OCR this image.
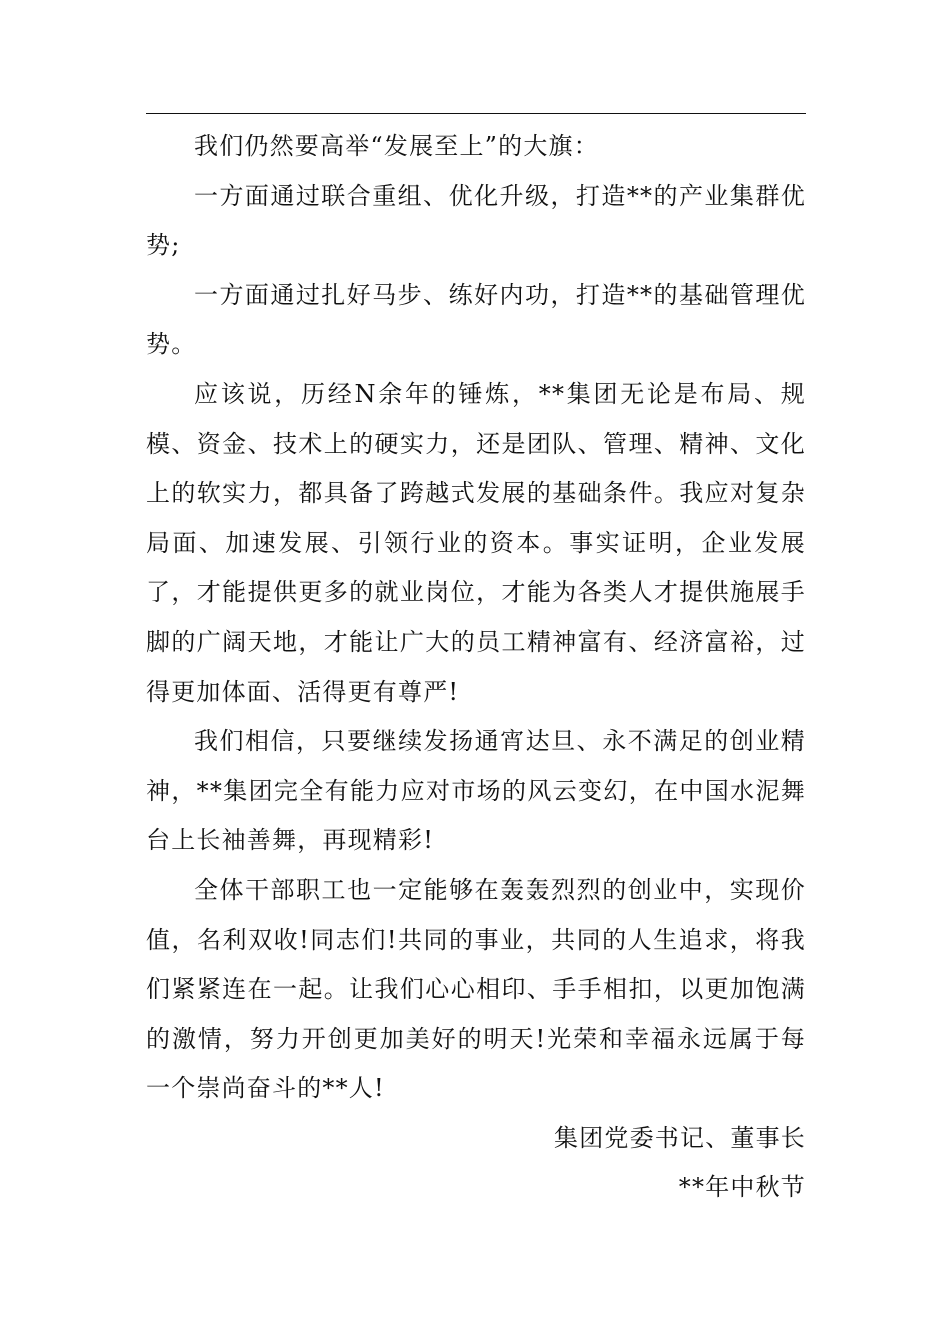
我们仍然要高举“发展至上”的大旗：

一方面通过联合重组、优化升级，打造**的产业集群优势;

一方面通过扎好马步、练好内功，打造**的基础管理优势。

应该说，历经N余年的锤炼，**集团无论是布局、规模、资金、技术上的硬实力，还是团队、管理、精神、文化上的软实力，都具备了跨越式发展的基础条件。我应对复杂局面、加速发展、引领行业的资本。事实证明，企业发展了，才能提供更多的就业岗位，才能为各类人才提供施展手脚的广阔天地，才能让广大的员工精神富有、经济富裕，过得更加体面、活得更有尊严!

我们相信，只要继续发扬通宵达旦、永不满足的创业精神，**集团完全有能力应对市场的风云变幻，在中国水泥舞台上长袖善舞，再现精彩!

全体干部职工也一定能够在轰轰烈烈的创业中，实现价值，名利双收!同志们!共同的事业，共同的人生追求，将我们紧紧连在一起。让我们心心相印、手手相扣，以更加饱满的激情，努力开创更加美好的明天!光荣和幸福永远属于每一个崇尚奋斗的**人!

集团党委书记、董事长

**年中秋节
